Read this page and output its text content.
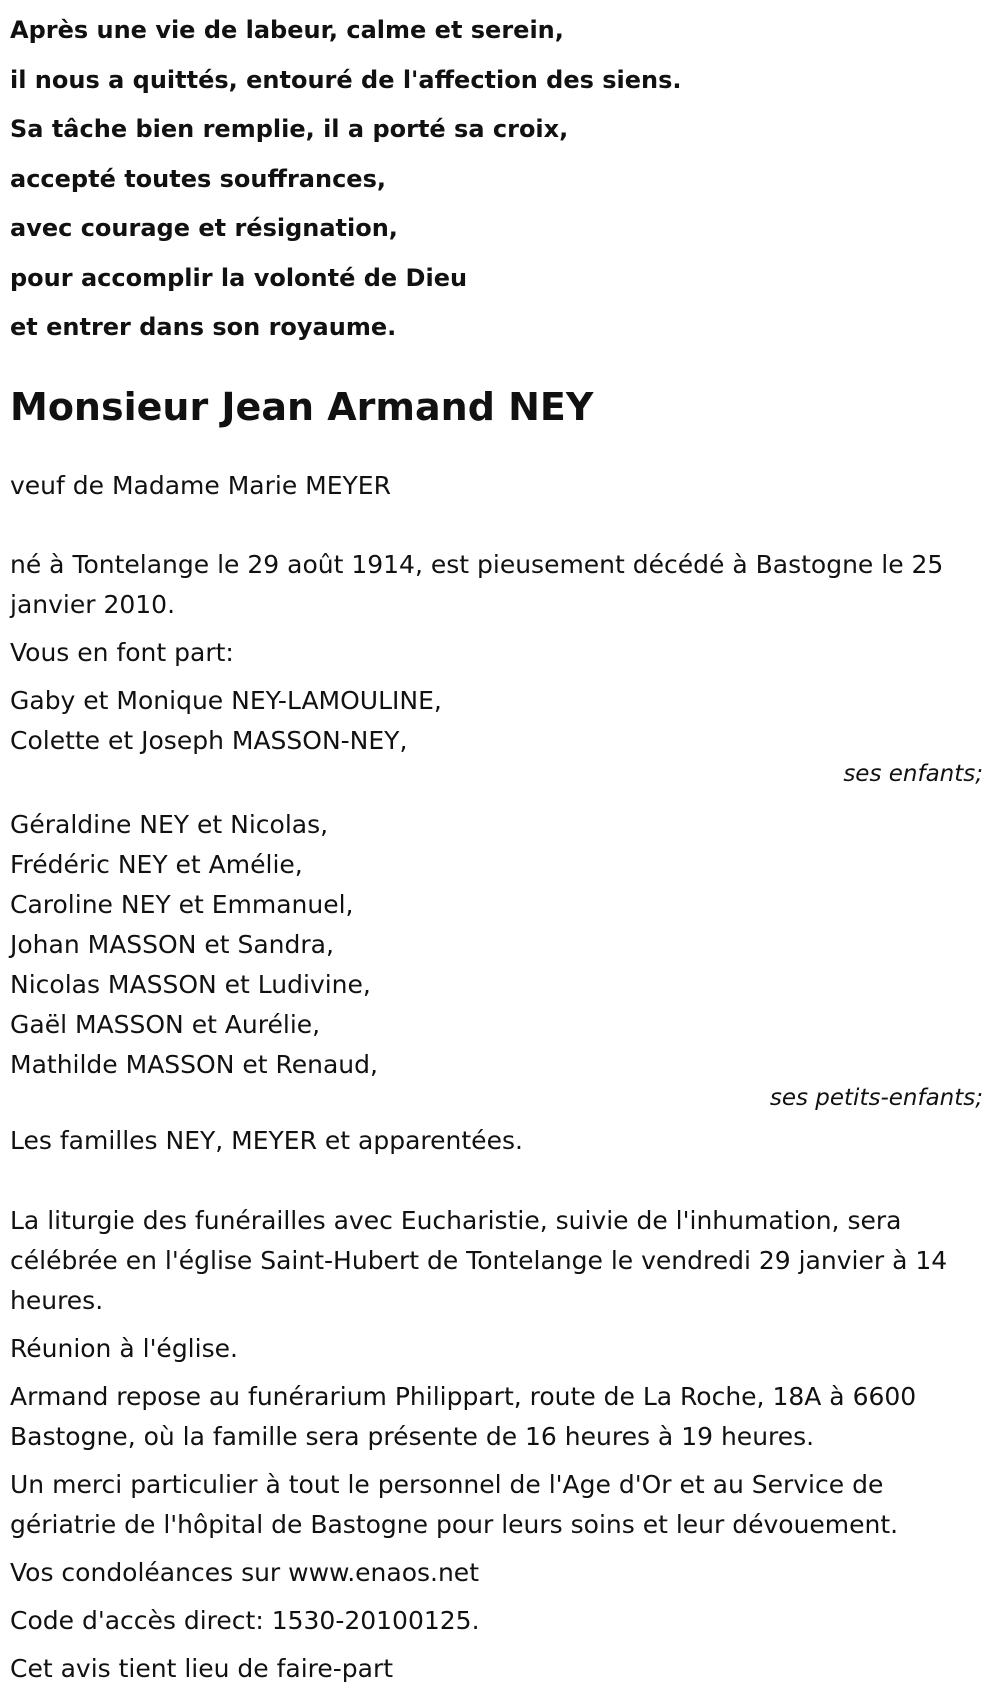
Après une vie de labeur, calme et serein,

il nous a quittés, entouré de l'affection des siens.

Sa tâche bien remplie, il a porté sa croix,

accepté toutes souffrances,

avec courage et résignation,

pour accomplir la volonté de Dieu

et entrer dans son royaume.

Monsieur Jean Armand NEY

veuf de Madame Marie MEYER

né à Tontelange le 29 août 1914, est pieusement décédé à Bastogne le 25 janvier 2010.

Vous en font part:

Gaby et Monique NEY-LAMOULINE,

Colette et Joseph MASSON-NEY,

ses enfants;

Géraldine NEY et Nicolas,

Frédéric NEY et Amélie,

Caroline NEY et Emmanuel,

Johan MASSON et Sandra,

Nicolas MASSON et Ludivine,

Gaël MASSON et Aurélie,

Mathilde MASSON et Renaud,

ses petits-enfants;

Les familles NEY, MEYER et apparentées.

La liturgie des funérailles avec Eucharistie, suivie de l'inhumation, sera célébrée en l'église Saint-Hubert de Tontelange le vendredi 29 janvier à 14 heures.

Réunion à l'église.

Armand repose au funérarium Philippart, route de La Roche, 18A à 6600 Bastogne, où la famille sera présente de 16 heures à 19 heures.

Un merci particulier à tout le personnel de l'Age d'Or et au Service de gériatrie de l'hôpital de Bastogne pour leurs soins et leur dévouement.

Vos condoléances sur www.enaos.net

Code d'accès direct: 1530-20100125.

Cet avis tient lieu de faire-part
